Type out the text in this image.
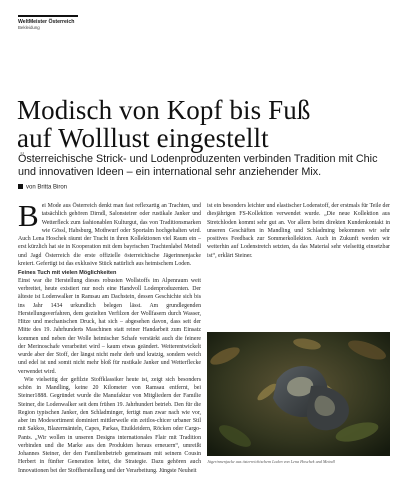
WeltMeister Österreich
Bekleidung
Modisch von Kopf bis Fuß
auf Wolllust eingestellt

Österreichische Strick- und Lodenproduzenten verbinden Tradition mit Chic und innovativen Ideen – ein international sehr anziehender Mix.

von Britta Biron

Bei Mode aus Österreich denkt man fast reflexartig an Trachten, und tatsächlich gehören Dirndl, Salonsteirer oder rustikale Janker und Wetterfleck zum fashionablen Kulturgut, das von Traditionsmarken wie Gössl, Habsburg, Mothwurf oder Sportalm hochgehalten wird. Auch Lena Hoschek räumt der Tracht in ihren Kollektionen viel Raum ein – erst kürzlich hat sie in Kooperation mit dem bayrischen Trachtenlabel Meindl und Jagd Österreich die erste offizielle österreichische Jägerinnenjacke kreiert. Gefertigt ist das exklusive Stück natürlich aus heimischem Loden.

Feines Tuch mit vielen Möglichkeiten

Einst war die Herstellung dieses robusten Wollstoffs im Alpenraum weit verbreitet, heute existiert nur noch eine Handvoll Lodenproduzenten. Der älteste ist Lodenwalker in Ramsau am Dachstein, dessen Geschichte sich bis ins Jahr 1434 urkundlich belegen lässt. Am grundlegenden Herstellungsverfahren, dem gezielten Verfilzen der Wollfasern durch Wasser, Hitze und mechanischen Druck, hat sich – abgesehen davon, dass seit der Mitte des 19. Jahrhunderts Maschinen statt reiner Handarbeit zum Einsatz kommen und neben der Wolle heimischer Schafe verstärkt auch die feinere der Merinoschafe verarbeitet wird – kaum etwas geändert. Weiterentwickelt wurde aber der Stoff, der längst nicht mehr derb und kratzig, sondern weich und edel ist und somit nicht mehr bloß für rustikale Janker und Wetterflecke verwendet wird.

Wie vielseitig der gefilzte Stoffklassiker heute ist, zeigt sich besonders schön in Mandling, keine 20 Kilometer von Ramsau entfernt, bei Steiner1888. Gegründet wurde die Manufaktur von Mitgliedern der Familie Steiner, die Lodenwalker seit dem frühen 19. Jahrhundert betrieb. Den für die Region typischen Janker, den Schladminger, fertigt man zwar nach wie vor, aber im Modesortiment dominiert mittlerweile ein zeitlos-chicer urbaner Stil mit Sakkos, Blazermänteln, Capes, Parkas, Etuikleidern, Röcken oder Cargo-Pants. „Wir wollen in unseren Designs internationales Flair mit Tradition verbinden und die Marke aus den Produkten heraus erneuern“, umreißt Johannes Steiner, der den Familienbetrieb gemeinsam mit seinem Cousin Herbert in fünfter Generation leitet, die Strategie. Dazu gehören auch Innovationen bei der Stoffherstellung und der Verarbeitung. Jüngste Neuheit

ist ein besonders leichter und elastischer Lodenstoff, der erstmals für Teile der diesjährigen FS-Kollektion verwendet wurde. „Die neue Kollektion aus Stretchloden kommt sehr gut an. Vor allem beim direkten Kundenkontakt in unseren Geschäften in Mandling und Schladming bekommen wir sehr positives Feedback zur Sommerkollektion. Auch in Zukunft werden wir weiterhin auf Lodenstretch setzten, da das Material sehr vielseitig einsetzbar ist“, erklärt Steiner.

Jägerinnenjacke aus österreichischem Loden von Lena Hoschek und Meindl
